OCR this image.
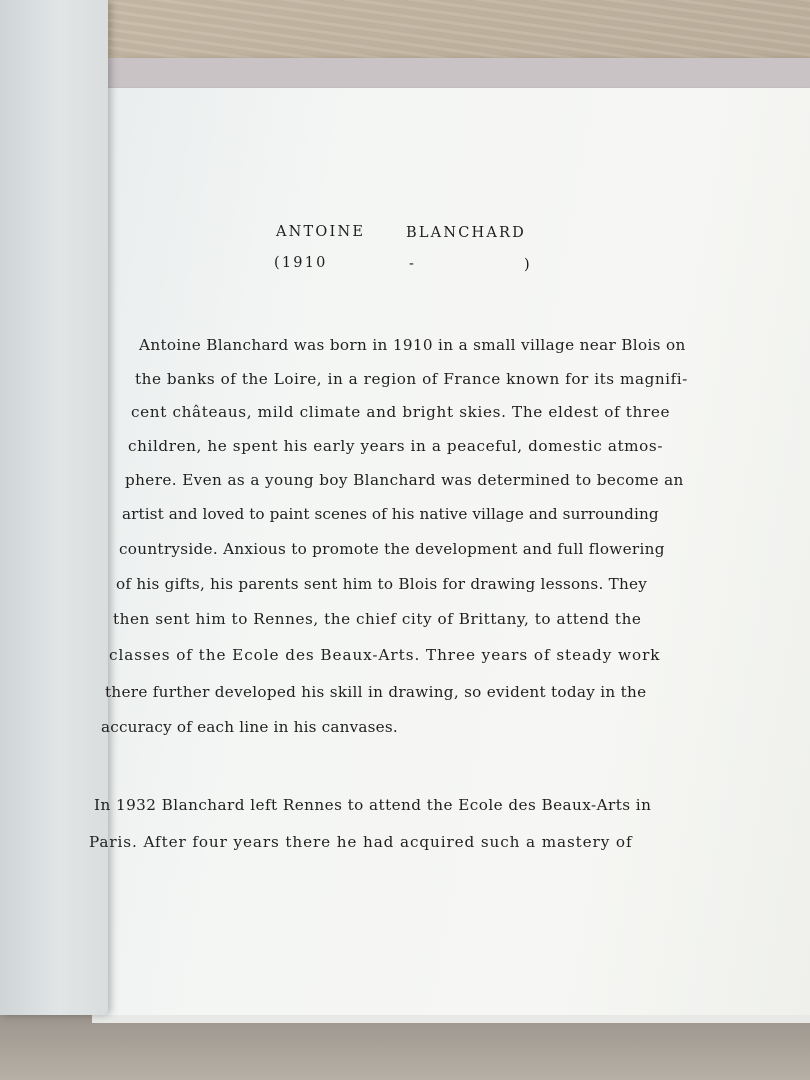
ANTOINE	BLANCHARD
(1910	-	)
Antoine Blanchard was born in 1910 in a small village near Blois on
the banks of the Loire, in a region of France known for its magnifi-
cent châteaus, mild climate and bright skies. The eldest of three
children, he spent his early years in a peaceful, domestic atmos-
phere. Even as a young boy Blanchard was determined to become an
artist and loved to paint scenes of his native village and surrounding
countryside. Anxious to promote the development and full flowering
of his gifts, his parents sent him to Blois for drawing lessons. They
then sent him to Rennes, the chief city of Brittany, to attend the
classes of the Ecole des Beaux-Arts. Three years of steady work
there further developed his skill in drawing, so evident today in the
accuracy of each line in his canvases.
In 1932 Blanchard left Rennes to attend the Ecole des Beaux-Arts in
Paris. After four years there he had acquired such a mastery of
